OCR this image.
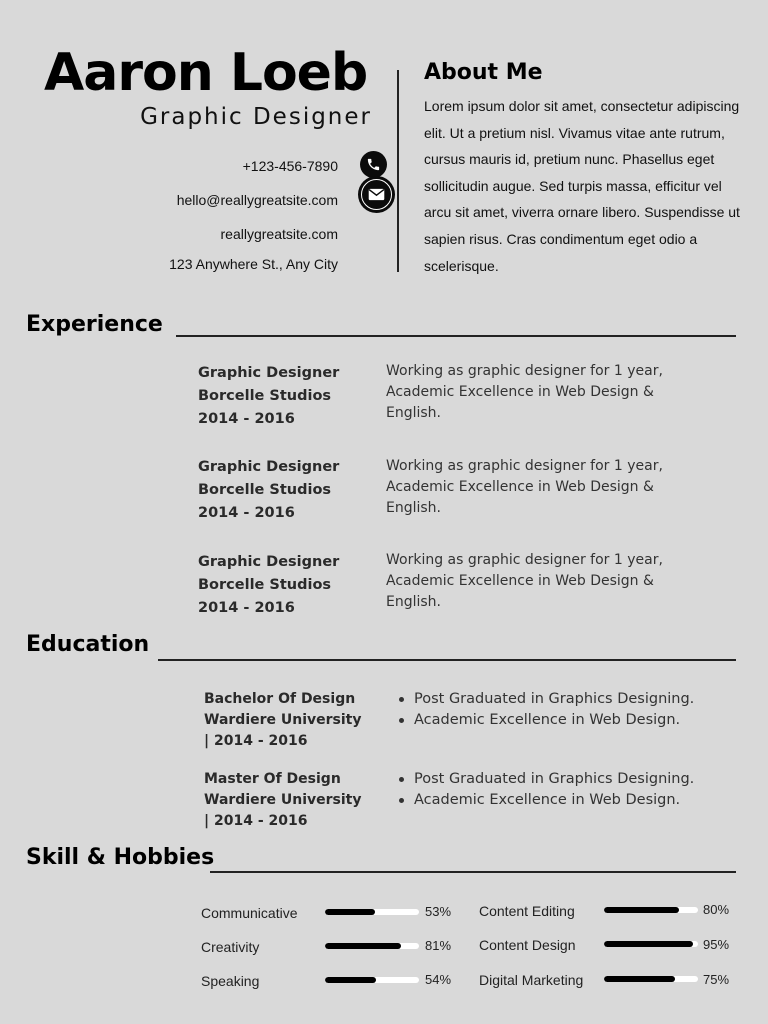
Aaron Loeb
Graphic Designer
+123-456-7890
hello@reallygreatsite.com
reallygreatsite.com
123 Anywhere St., Any City
About Me
Lorem ipsum dolor sit amet, consectetur adipiscing elit. Ut a pretium nisl. Vivamus vitae ante rutrum, cursus mauris id, pretium nunc. Phasellus eget sollicitudin augue. Sed turpis massa, efficitur vel arcu sit amet, viverra ornare libero. Suspendisse ut sapien risus. Cras condimentum eget odio a scelerisque.
Experience
Graphic Designer
Borcelle Studios
2014 - 2016
Working as graphic designer for 1 year, Academic Excellence in Web Design & English.
Graphic Designer
Borcelle Studios
2014 - 2016
Working as graphic designer for 1 year, Academic Excellence in Web Design & English.
Graphic Designer
Borcelle Studios
2014 - 2016
Working as graphic designer for 1 year, Academic Excellence in Web Design & English.
Education
Bachelor Of Design
Wardiere University
| 2014 - 2016
Post Graduated in Graphics Designing.
Academic Excellence in Web Design.
Master Of Design
Wardiere University
| 2014 - 2016
Post Graduated in Graphics Designing.
Academic Excellence in Web Design.
Skill & Hobbies
Communicative	53%
Creativity	81%
Speaking	54%
Content Editing	80%
Content Design	95%
Digital Marketing	75%
